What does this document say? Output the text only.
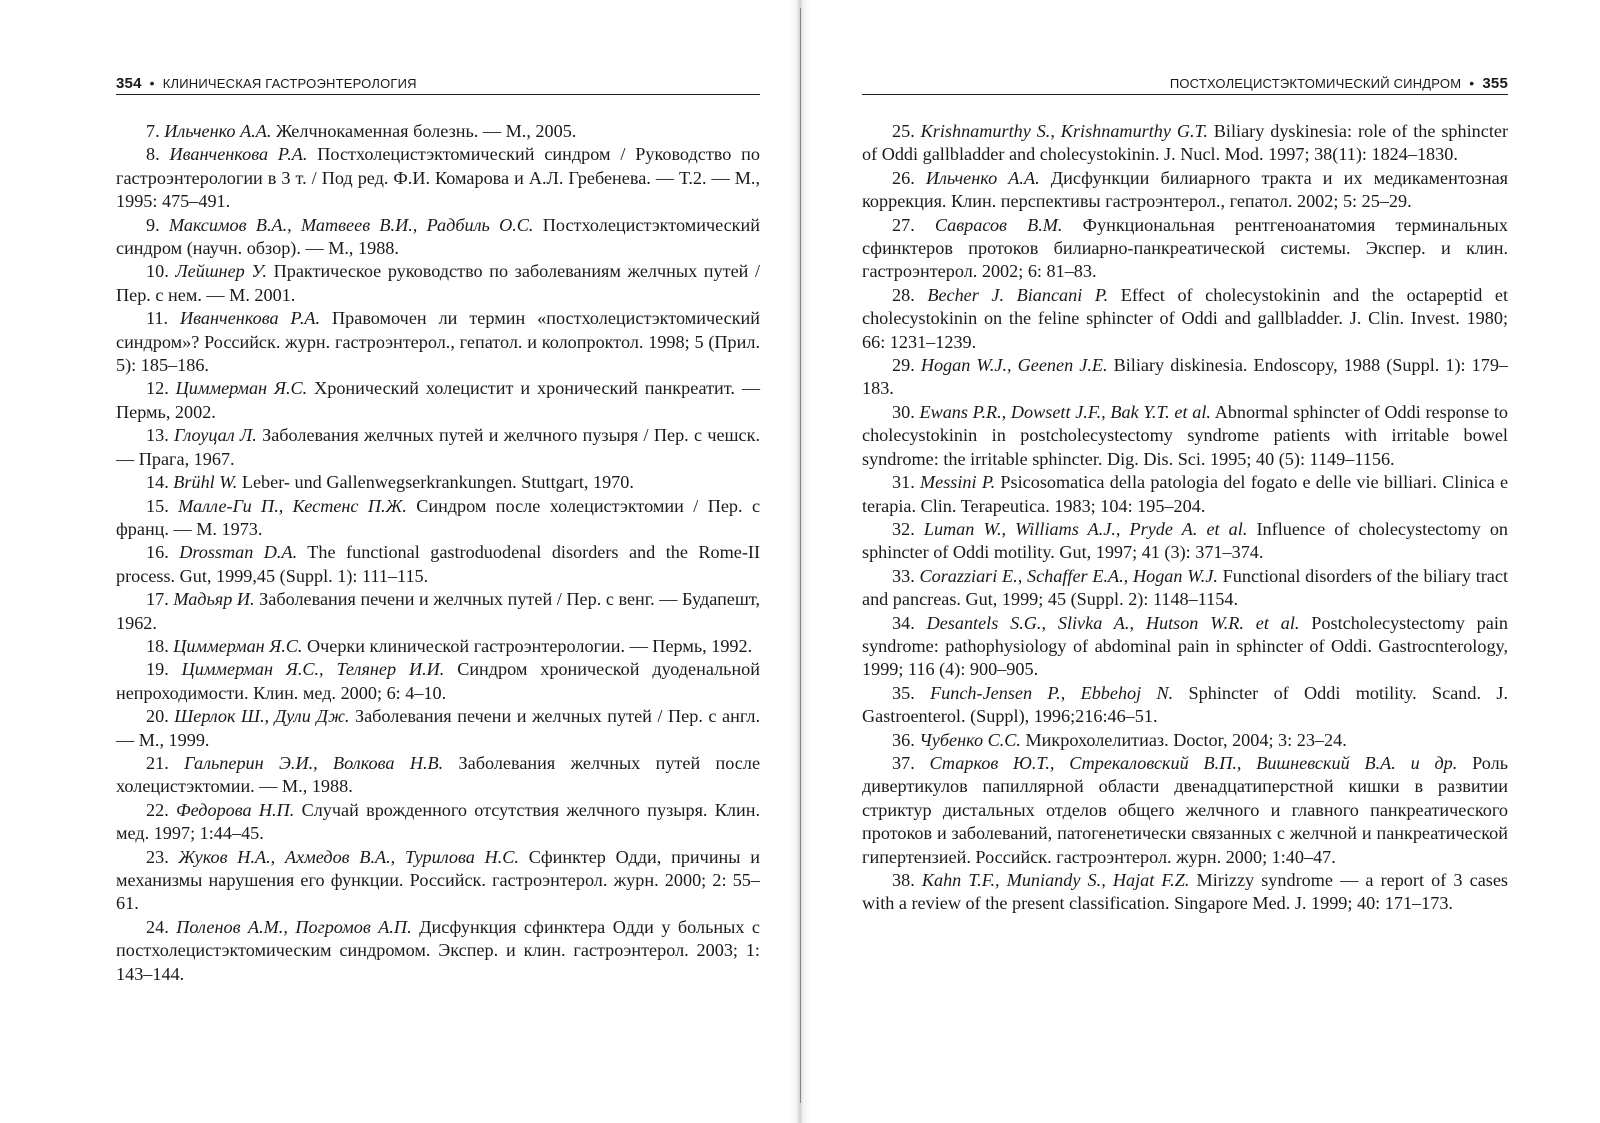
354 • КЛИНИЧЕСКАЯ ГАСТРОЭНТЕРОЛОГИЯ

7. Ильченко А.А. Желчнокаменная болезнь. — М., 2005.

8. Иванченкова Р.А. Постхолецистэктомический синдром / Руководство по гастроэнтерологии в 3 т. / Под ред. Ф.И. Комарова и А.Л. Гребенева. — Т.2. — М., 1995: 475–491.

9. Максимов В.А., Матвеев В.И., Радбиль О.С. Постхолецистэктомический синдром (научн. обзор). — М., 1988.

10. Лейшнер У. Практическое руководство по заболеваниям желчных путей / Пер. с нем. — М. 2001.

11. Иванченкова Р.А. Правомочен ли термин «постхолецистэктомический синдром»? Российск. журн. гастроэнтерол., гепатол. и колопроктол. 1998; 5 (Прил. 5): 185–186.

12. Циммерман Я.С. Хронический холецистит и хронический панкреатит. — Пермь, 2002.

13. Глоуцал Л. Заболевания желчных путей и желчного пузыря / Пер. с чешск. — Прага, 1967.

14. Brühl W. Leber- und Gallenwegserkrankungen. Stuttgart, 1970.

15. Малле-Ги П., Кестенс П.Ж. Синдром после холецистэктомии / Пер. с франц. — М. 1973.

16. Drossman D.A. The functional gastroduodenal disorders and the Rome-II process. Gut, 1999,45 (Suppl. 1): 111–115.

17. Мадьяр И. Заболевания печени и желчных путей / Пер. с венг. — Будапешт, 1962.

18. Циммерман Я.С. Очерки клинической гастроэнтерологии. — Пермь, 1992.

19. Циммерман Я.С., Телянер И.И. Синдром хронической дуоденальной непроходимости. Клин. мед. 2000; 6: 4–10.

20. Шерлок Ш., Дули Дж. Заболевания печени и желчных путей / Пер. с англ. — М., 1999.

21. Гальперин Э.И., Волкова Н.В. Заболевания желчных путей после холецистэктомии. — М., 1988.

22. Федорова Н.П. Случай врожденного отсутствия желчного пузыря. Клин. мед. 1997; 1:44–45.

23. Жуков Н.А., Ахмедов В.А., Турилова Н.С. Сфинктер Одди, причины и механизмы нарушения его функции. Российск. гастроэнтерол. журн. 2000; 2: 55–61.

24. Поленов А.М., Погромов А.П. Дисфункция сфинктера Одди у больных с постхолецистэктомическим синдромом. Экспер. и клин. гастроэнтерол. 2003; 1: 143–144.

ПОСТХОЛЕЦИСТЭКТОМИЧЕСКИЙ СИНДРОМ • 355

25. Krishnamurthy S., Krishnamurthy G.T. Biliary dyskinesia: role of the sphincter of Oddi gallbladder and cholecystokinin. J. Nucl. Mod. 1997; 38(11): 1824–1830.

26. Ильченко А.А. Дисфункции билиарного тракта и их медикаментозная коррекция. Клин. перспективы гастроэнтерол., гепатол. 2002; 5: 25–29.

27. Саврасов В.М. Функциональная рентгеноанатомия терминальных сфинктеров протоков билиарно-панкреатической системы. Экспер. и клин. гастроэнтерол. 2002; 6: 81–83.

28. Becher J. Biancani P. Effect of cholecystokinin and the octapeptid et cholecystokinin on the feline sphincter of Oddi and gallbladder. J. Clin. Invest. 1980; 66: 1231–1239.

29. Hogan W.J., Geenen J.E. Biliary diskinesia. Endoscopy, 1988 (Suppl. 1): 179–183.

30. Ewans P.R., Dowsett J.F., Bak Y.T. et al. Abnormal sphincter of Oddi response to cholecystokinin in postcholecystectomy syndrome patients with irritable bowel syndrome: the irritable sphincter. Dig. Dis. Sci. 1995; 40 (5): 1149–1156.

31. Messini P. Psicosomatica della patologia del fogato e delle vie billiari. Clinica e terapia. Clin. Terapeutica. 1983; 104: 195–204.

32. Luman W., Williams A.J., Pryde A. et al. Influence of cholecystectomy on sphincter of Oddi motility. Gut, 1997; 41 (3): 371–374.

33. Corazziari E., Schaffer E.A., Hogan W.J. Functional disorders of the biliary tract and pancreas. Gut, 1999; 45 (Suppl. 2): 1148–1154.

34. Desantels S.G., Slivka A., Hutson W.R. et al. Postcholecystectomy pain syndrome: pathophysiology of abdominal pain in sphincter of Oddi. Gastrocnterology, 1999; 116 (4): 900–905.

35. Funch-Jensen P., Ebbehoj N. Sphincter of Oddi motility. Scand. J. Gastroenterol. (Suppl), 1996;216:46–51.

36. Чубенко С.С. Микрохолелитиаз. Doctor, 2004; 3: 23–24.

37. Старков Ю.Т., Стрекаловский В.П., Вишневский В.А. и др. Роль дивертикулов папиллярной области двенадцатиперстной кишки в развитии стриктур дистальных отделов общего желчного и главного панкреатического протоков и заболеваний, патогенетически связанных с желчной и панкреатической гипертензией. Российск. гастроэнтерол. журн. 2000; 1:40–47.

38. Kahn T.F., Muniandy S., Hajat F.Z. Mirizzy syndrome — a report of 3 cases with a review of the present classification. Singapore Med. J. 1999; 40: 171–173.
